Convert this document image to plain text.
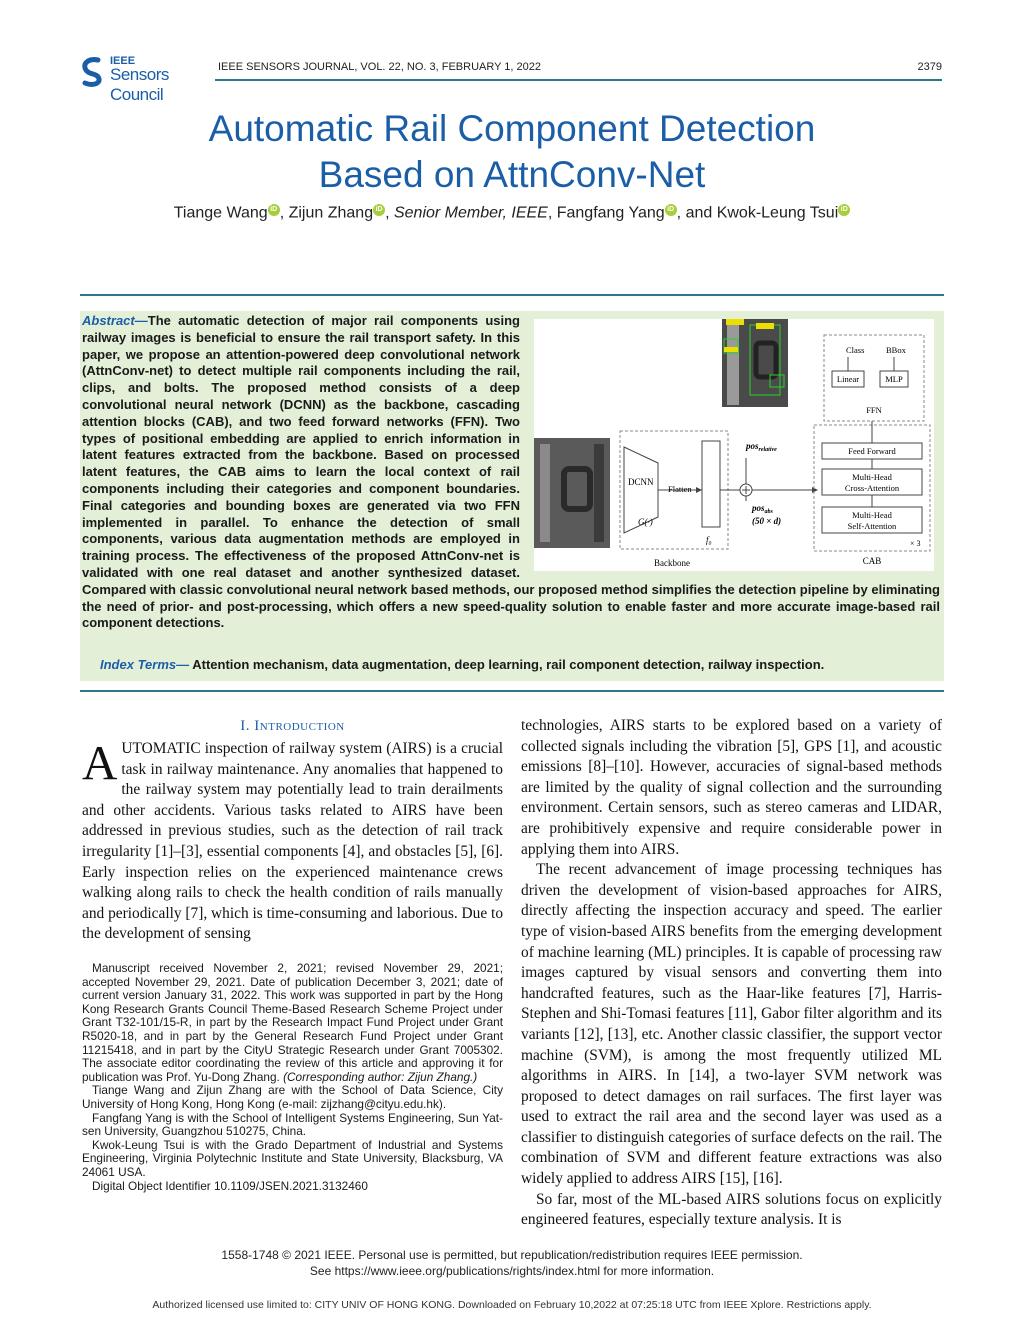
IEEE
Sensors Council
IEEE SENSORS JOURNAL, VOL. 22, NO. 3, FEBRUARY 1, 2022	2379
Automatic Rail Component Detection
Based on AttnConv-Net
Tiange Wang iD , Zijun Zhang iD , Senior Member, IEEE, Fangfang Yang iD , and Kwok-Leung Tsui iD
Abstract—The automatic detection of major rail components using railway images is beneficial to ensure the rail transport safety. In this paper, we propose an attention-powered deep convolutional network (AttnConv-net) to detect multiple rail components including the rail, clips, and bolts. The proposed method consists of a deep convolutional neural network (DCNN) as the backbone, cascading attention blocks (CAB), and two feed forward networks (FFN). Two types of positional embedding are applied to enrich information in latent features extracted from the backbone. Based on processed latent features, the CAB aims to learn the local context of rail components including their categories and component boundaries. Final categories and bounding boxes are generated via two FFN implemented in parallel. To enhance the detection of small components, various data augmentation methods are employed in training process. The effectiveness of the proposed AttnConv-net is validated with one real dataset and another synthesized dataset. Compared with classic convolutional neural network based methods, our proposed method simplifies the detection pipeline by eliminating the need of prior- and post-processing, which offers a new speed-quality solution to enable faster and more accurate image-based rail component detections.
DCNN
G(·)
Flatten
f₀
Backbone
pos$_{relative}$
pos$_{abs}$
(50 × d)
Multi-Head
Self-Attention
Multi-Head
Cross-Attention
Feed Forward
× 3
CAB
Class	BBox
Linear	MLP
FFN
Index Terms— Attention mechanism, data augmentation, deep learning, rail component detection, railway inspection.
I. Introduction
AUTOMATIC inspection of railway system (AIRS) is a crucial task in railway maintenance. Any anomalies that happened to the railway system may potentially lead to train derailments and other accidents. Various tasks related to AIRS have been addressed in previous studies, such as the detection of rail track irregularity [1]–[3], essential components [4], and obstacles [5], [6]. Early inspection relies on the experienced maintenance crews walking along rails to check the health condition of rails manually and periodically [7], which is time-consuming and laborious. Due to the development of sensing

Manuscript received November 2, 2021; revised November 29, 2021; accepted November 29, 2021. Date of publication December 3, 2021; date of current version January 31, 2022. This work was supported in part by the Hong Kong Research Grants Council Theme-Based Research Scheme Project under Grant T32-101/15-R, in part by the Research Impact Fund Project under Grant R5020-18, and in part by the General Research Fund Project under Grant 11215418, and in part by the CityU Strategic Research under Grant 7005302. The associate editor coordinating the review of this article and approving it for publication was Prof. Yu-Dong Zhang. (Corresponding author: Zijun Zhang.)

Tiange Wang and Zijun Zhang are with the School of Data Science, City University of Hong Kong, Hong Kong (e-mail: zijzhang@cityu.edu.hk).

Fangfang Yang is with the School of Intelligent Systems Engineering, Sun Yat-sen University, Guangzhou 510275, China.

Kwok-Leung Tsui is with the Grado Department of Industrial and Systems Engineering, Virginia Polytechnic Institute and State University, Blacksburg, VA 24061 USA.

Digital Object Identifier 10.1109/JSEN.2021.3132460

technologies, AIRS starts to be explored based on a variety of collected signals including the vibration [5], GPS [1], and acoustic emissions [8]–[10]. However, accuracies of signal-based methods are limited by the quality of signal collection and the surrounding environment. Certain sensors, such as stereo cameras and LIDAR, are prohibitively expensive and require considerable power in applying them into AIRS.

The recent advancement of image processing techniques has driven the development of vision-based approaches for AIRS, directly affecting the inspection accuracy and speed. The earlier type of vision-based AIRS benefits from the emerging development of machine learning (ML) principles. It is capable of processing raw images captured by visual sensors and converting them into handcrafted features, such as the Haar-like features [7], Harris-Stephen and Shi-Tomasi features [11], Gabor filter algorithm and its variants [12], [13], etc. Another classic classifier, the support vector machine (SVM), is among the most frequently utilized ML algorithms in AIRS. In [14], a two-layer SVM network was proposed to detect damages on rail surfaces. The first layer was used to extract the rail area and the second layer was used as a classifier to distinguish categories of surface defects on the rail. The combination of SVM and different feature extractions was also widely applied to address AIRS [15], [16].

So far, most of the ML-based AIRS solutions focus on explicitly engineered features, especially texture analysis. It is

1558-1748 © 2021 IEEE. Personal use is permitted, but republication/redistribution requires IEEE permission.
See https://www.ieee.org/publications/rights/index.html for more information.
Authorized licensed use limited to: CITY UNIV OF HONG KONG. Downloaded on February 10,2022 at 07:25:18 UTC from IEEE Xplore. Restrictions apply.
